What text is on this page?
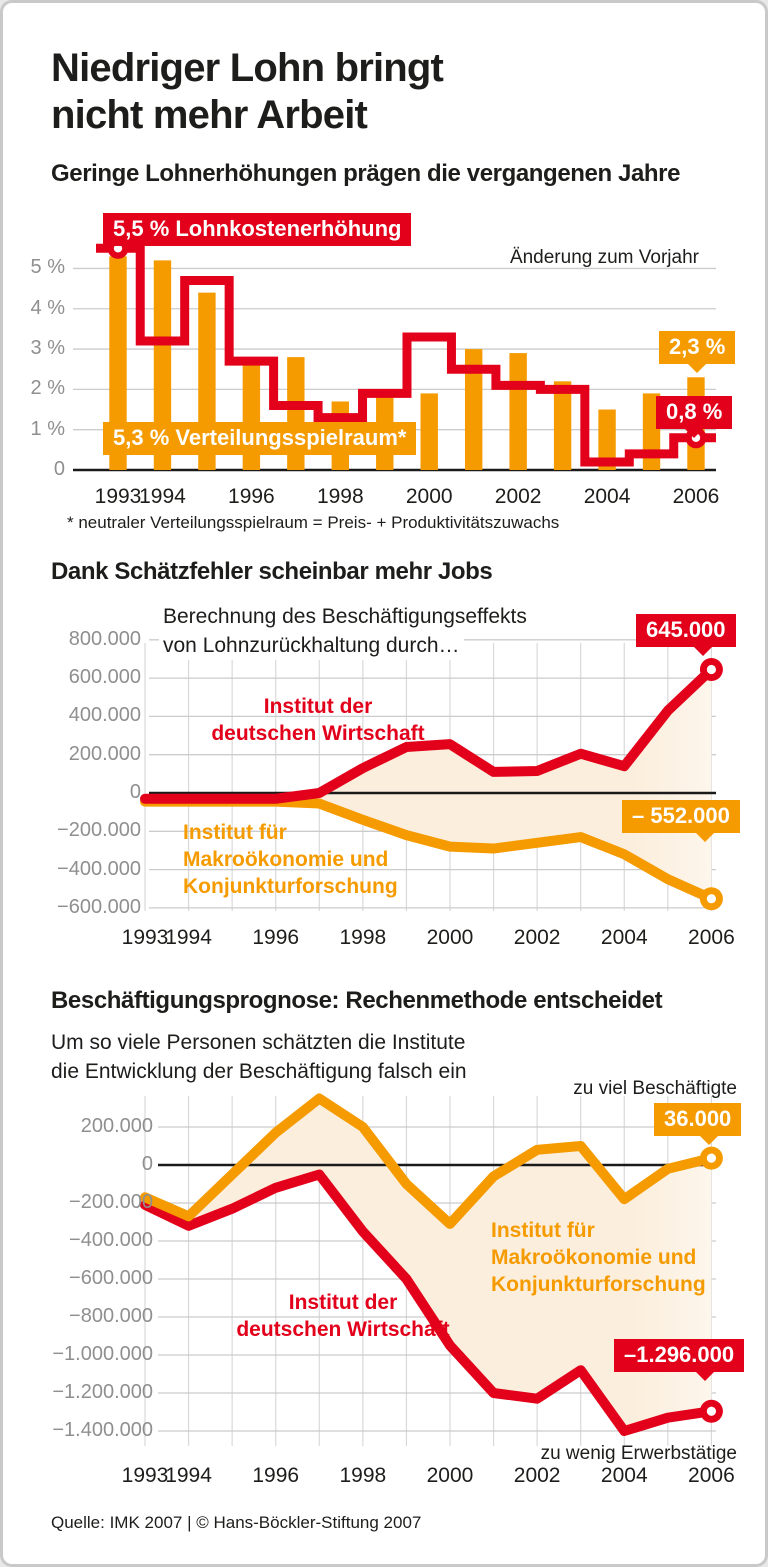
Niedriger Lohn bringt
nicht mehr Arbeit
Geringe Lohnerhöhungen prägen die vergangenen Jahre
5,5 % Lohnkostenerhöhung
Änderung zum Vorjahr
5,3 % Verteilungsspielraum*
2,3 %
0,8 %
* neutraler Verteilungsspielraum = Preis- + Produktivitätszuwachs
Dank Schätzfehler scheinbar mehr Jobs
Berechnung des Beschäftigungseffekts
von Lohnzurückhaltung durch…
645.000
Institut der
deutschen Wirtschaft
Institut für
Makroökonomie und
Konjunkturforschung
– 552.000
Beschäftigungsprognose: Rechenmethode entscheidet
Um so viele Personen schätzten die Institute
die Entwicklung der Beschäftigung falsch ein
zu viel Beschäftigte
36.000
Institut für
Makroökonomie und
Konjunkturforschung
Institut der
deutschen Wirtschaft
–1.296.000
zu wenig Erwerbstätige
Quelle: IMK 2007 | © Hans-Böckler-Stiftung 2007
5 %
4 %
3 %
2 %
1 %
0
1993
1994	1996	1998	2000	2002	2004	2006
800.000
600.000
400.000
200.000
0
−200.000
−400.000
−600.000
1993
1994	1996	1998	2000	2002	2004	2006
200.000
0
−200.000
−400.000
−600.000
−800.000
−1.000.000
−1.200.000
−1.400.000
1993
1994	1996	1998	2000	2002	2004	2006
